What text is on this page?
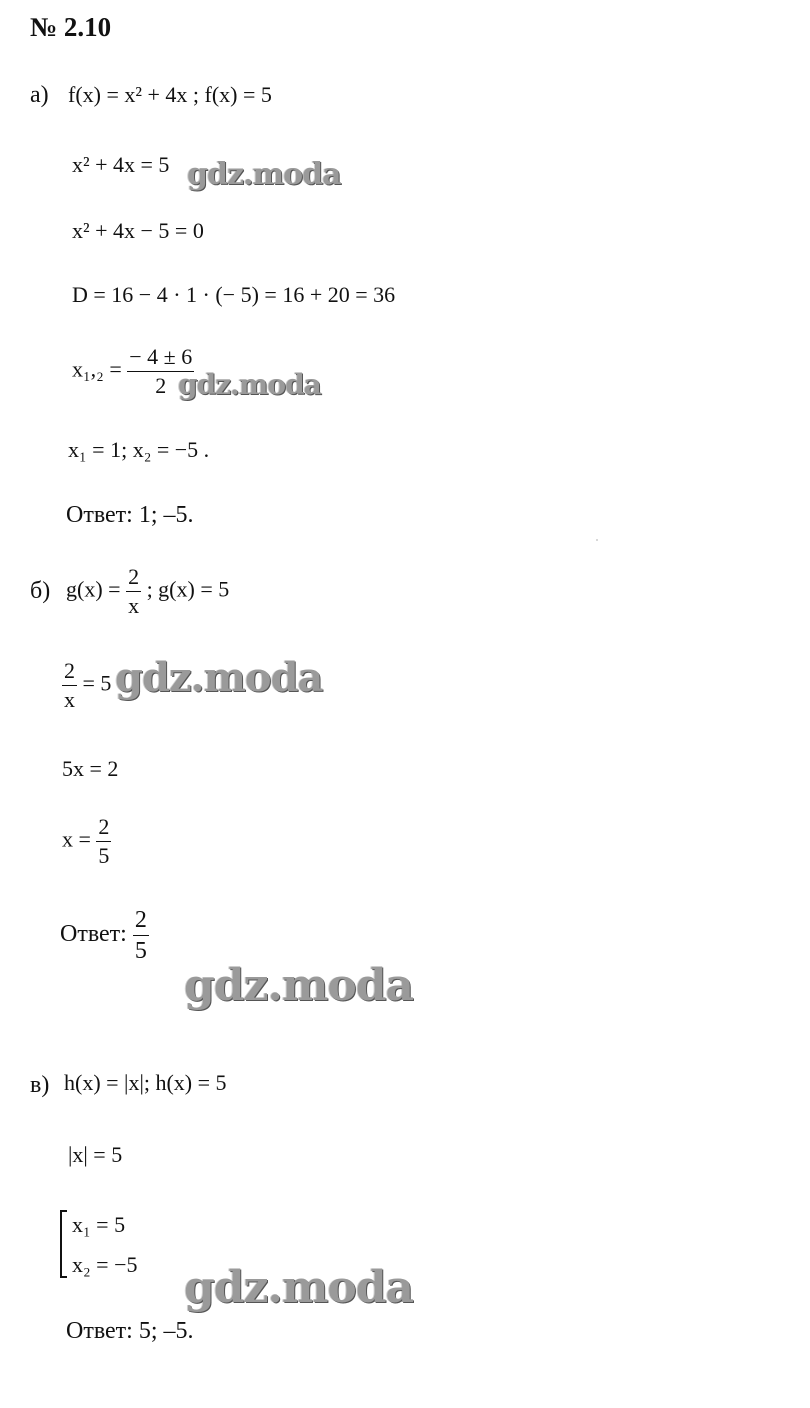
№ 2.10
а) f(x) = x² + 4x ; f(x) = 5
x² + 4x = 5 gdz.moda
x² + 4x − 5 = 0
D = 16 − 4 · 1 · (− 5) = 16 + 20 = 36
$x_1,_2 = \frac{- 4 \pm 6}{2}$
gdz.moda
x₁ = 1; x₂ = −5 .
Ответ: 1; –5.
б) $g(x) = \frac{2}{x}$ ; g(x) = 5
$\frac{2}{x} = 5$ gdz.moda
5x = 2
$x = \frac{2}{5}$
Ответ: $\frac{2}{5}$
gdz.moda
в) h(x) = |x|; h(x) = 5
|x| = 5
x₁ = 5
x₂ = −5 gdz.moda
Ответ: 5; –5.
